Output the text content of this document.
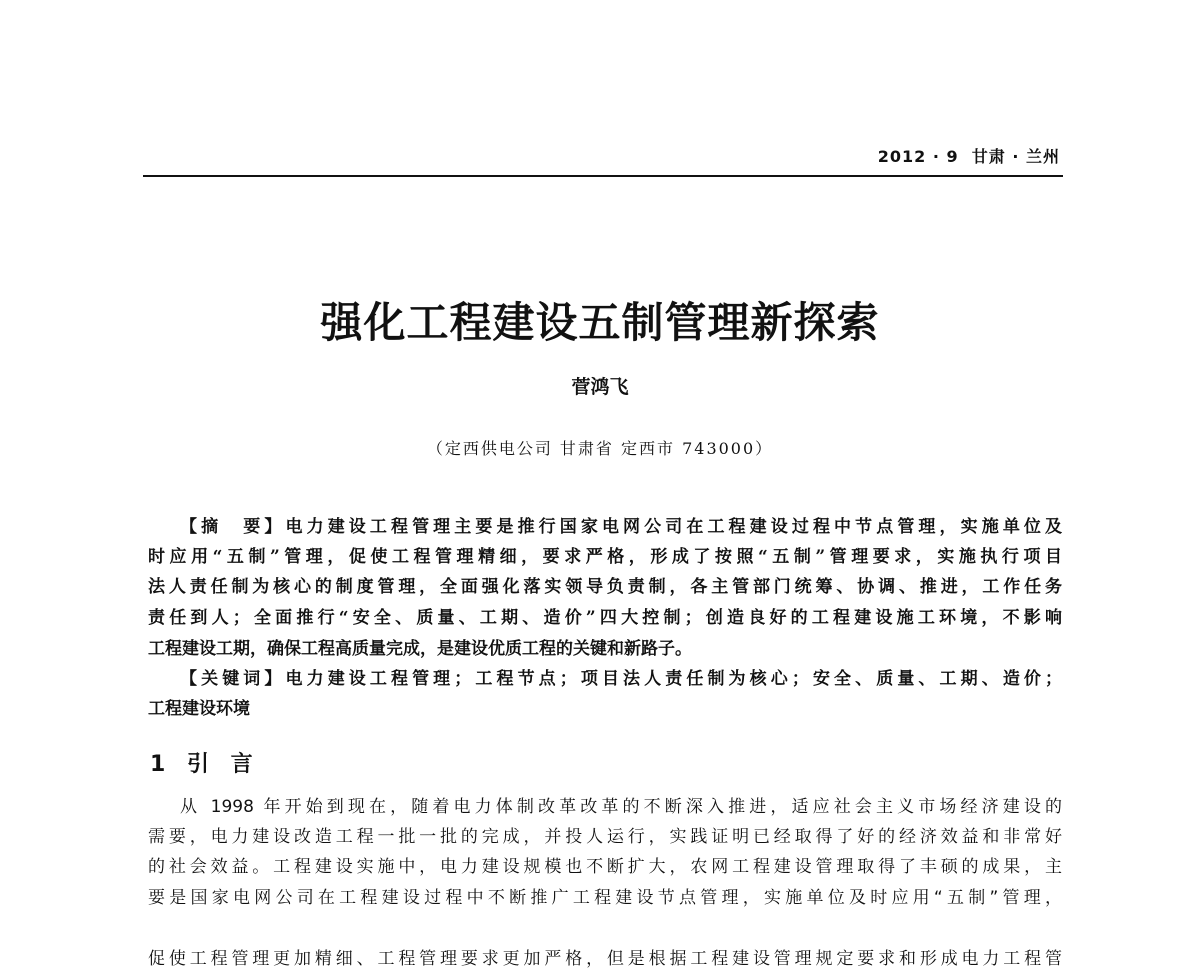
2012 · 9 甘肃 · 兰州
强化工程建设五制管理新探索
菅鸿飞
（定西供电公司 甘肃省 定西市 743000）
【摘　要】电力建设工程管理主要是推行国家电网公司在工程建设过程中节点管理，实施单位及
时应用“五制”管理，促使工程管理精细，要求严格，形成了按照“五制”管理要求，实施执行项目
法人责任制为核心的制度管理，全面强化落实领导负责制，各主管部门统筹、协调、推进，工作任务
责任到人；全面推行“安全、质量、工期、造价”四大控制；创造良好的工程建设施工环境，不影响
工程建设工期，确保工程高质量完成，是建设优质工程的关键和新路子。
【关键词】电力建设工程管理；工程节点；项目法人责任制为核心；安全、质量、工期、造价；
工程建设环境
1 引 言
从 1998 年开始到现在，随着电力体制改革改革的不断深入推进，适应社会主义市场经济建设的
需要，电力建设改造工程一批一批的完成，并投人运行，实践证明已经取得了好的经济效益和非常好
的社会效益。工程建设实施中，电力建设规模也不断扩大，农网工程建设管理取得了丰硕的成果，主
要是国家电网公司在工程建设过程中不断推广工程建设节点管理，实施单位及时应用“五制”管理，
促使工程管理更加精细、工程管理要求更加严格，但是根据工程建设管理规定要求和形成电力工程管
